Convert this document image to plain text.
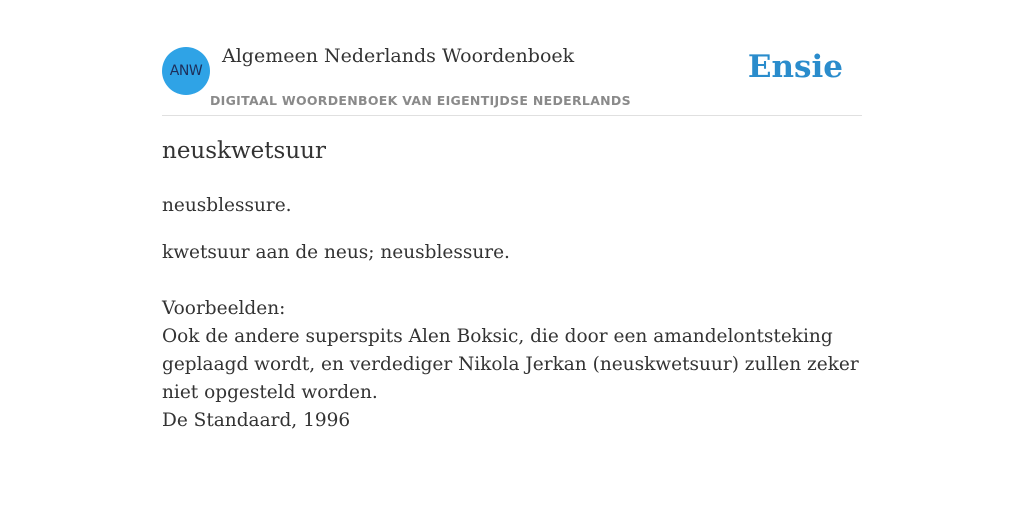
ANW
Algemeen Nederlands Woordenboek
DIGITAAL WOORDENBOEK VAN EIGENTIJDSE NEDERLANDS
Ensie
neuskwetsuur
neusblessure.
kwetsuur aan de neus; neusblessure.
Voorbeelden:
Ook de andere superspits Alen Boksic, die door een amandelontsteking geplaagd wordt, en verdediger Nikola Jerkan (neuskwetsuur) zullen zeker niet opgesteld worden.
De Standaard, 1996
